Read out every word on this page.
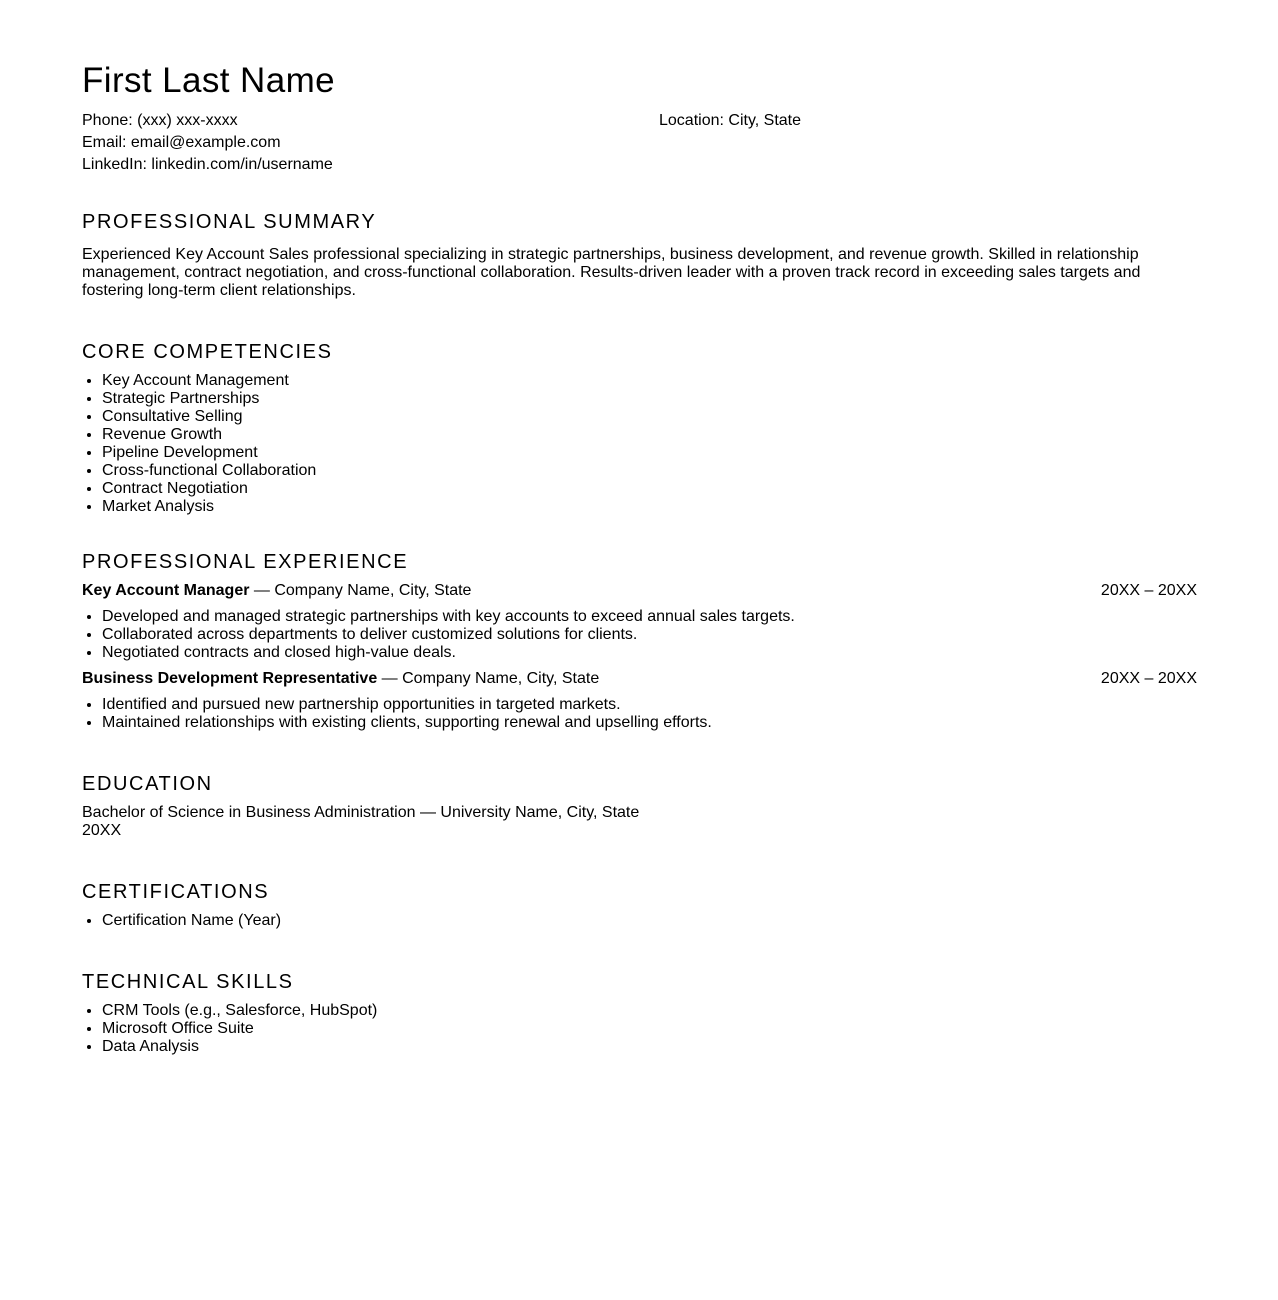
First Last Name
Phone: (xxx) xxx-xxxx
Email: email@example.com
LinkedIn: linkedin.com/in/username
Location: City, State
PROFESSIONAL SUMMARY

Experienced Key Account Sales professional specializing in strategic partnerships, business development, and revenue growth. Skilled in relationship management, contract negotiation, and cross-functional collaboration. Results-driven leader with a proven track record in exceeding sales targets and fostering long-term client relationships.

CORE COMPETENCIES
• Key Account Management
• Strategic Partnerships
• Consultative Selling
• Revenue Growth
• Pipeline Development
• Cross-functional Collaboration
• Contract Negotiation
• Market Analysis
PROFESSIONAL EXPERIENCE
Key Account Manager — Company Name, City, State	20XX – 20XX
• Developed and managed strategic partnerships with key accounts to exceed annual sales targets.
• Collaborated across departments to deliver customized solutions for clients.
• Negotiated contracts and closed high-value deals.
Business Development Representative — Company Name, City, State	20XX – 20XX
• Identified and pursued new partnership opportunities in targeted markets.
• Maintained relationships with existing clients, supporting renewal and upselling efforts.
EDUCATION
Bachelor of Science in Business Administration — University Name, City, State
20XX
CERTIFICATIONS
• Certification Name (Year)
TECHNICAL SKILLS
• CRM Tools (e.g., Salesforce, HubSpot)
• Microsoft Office Suite
• Data Analysis
